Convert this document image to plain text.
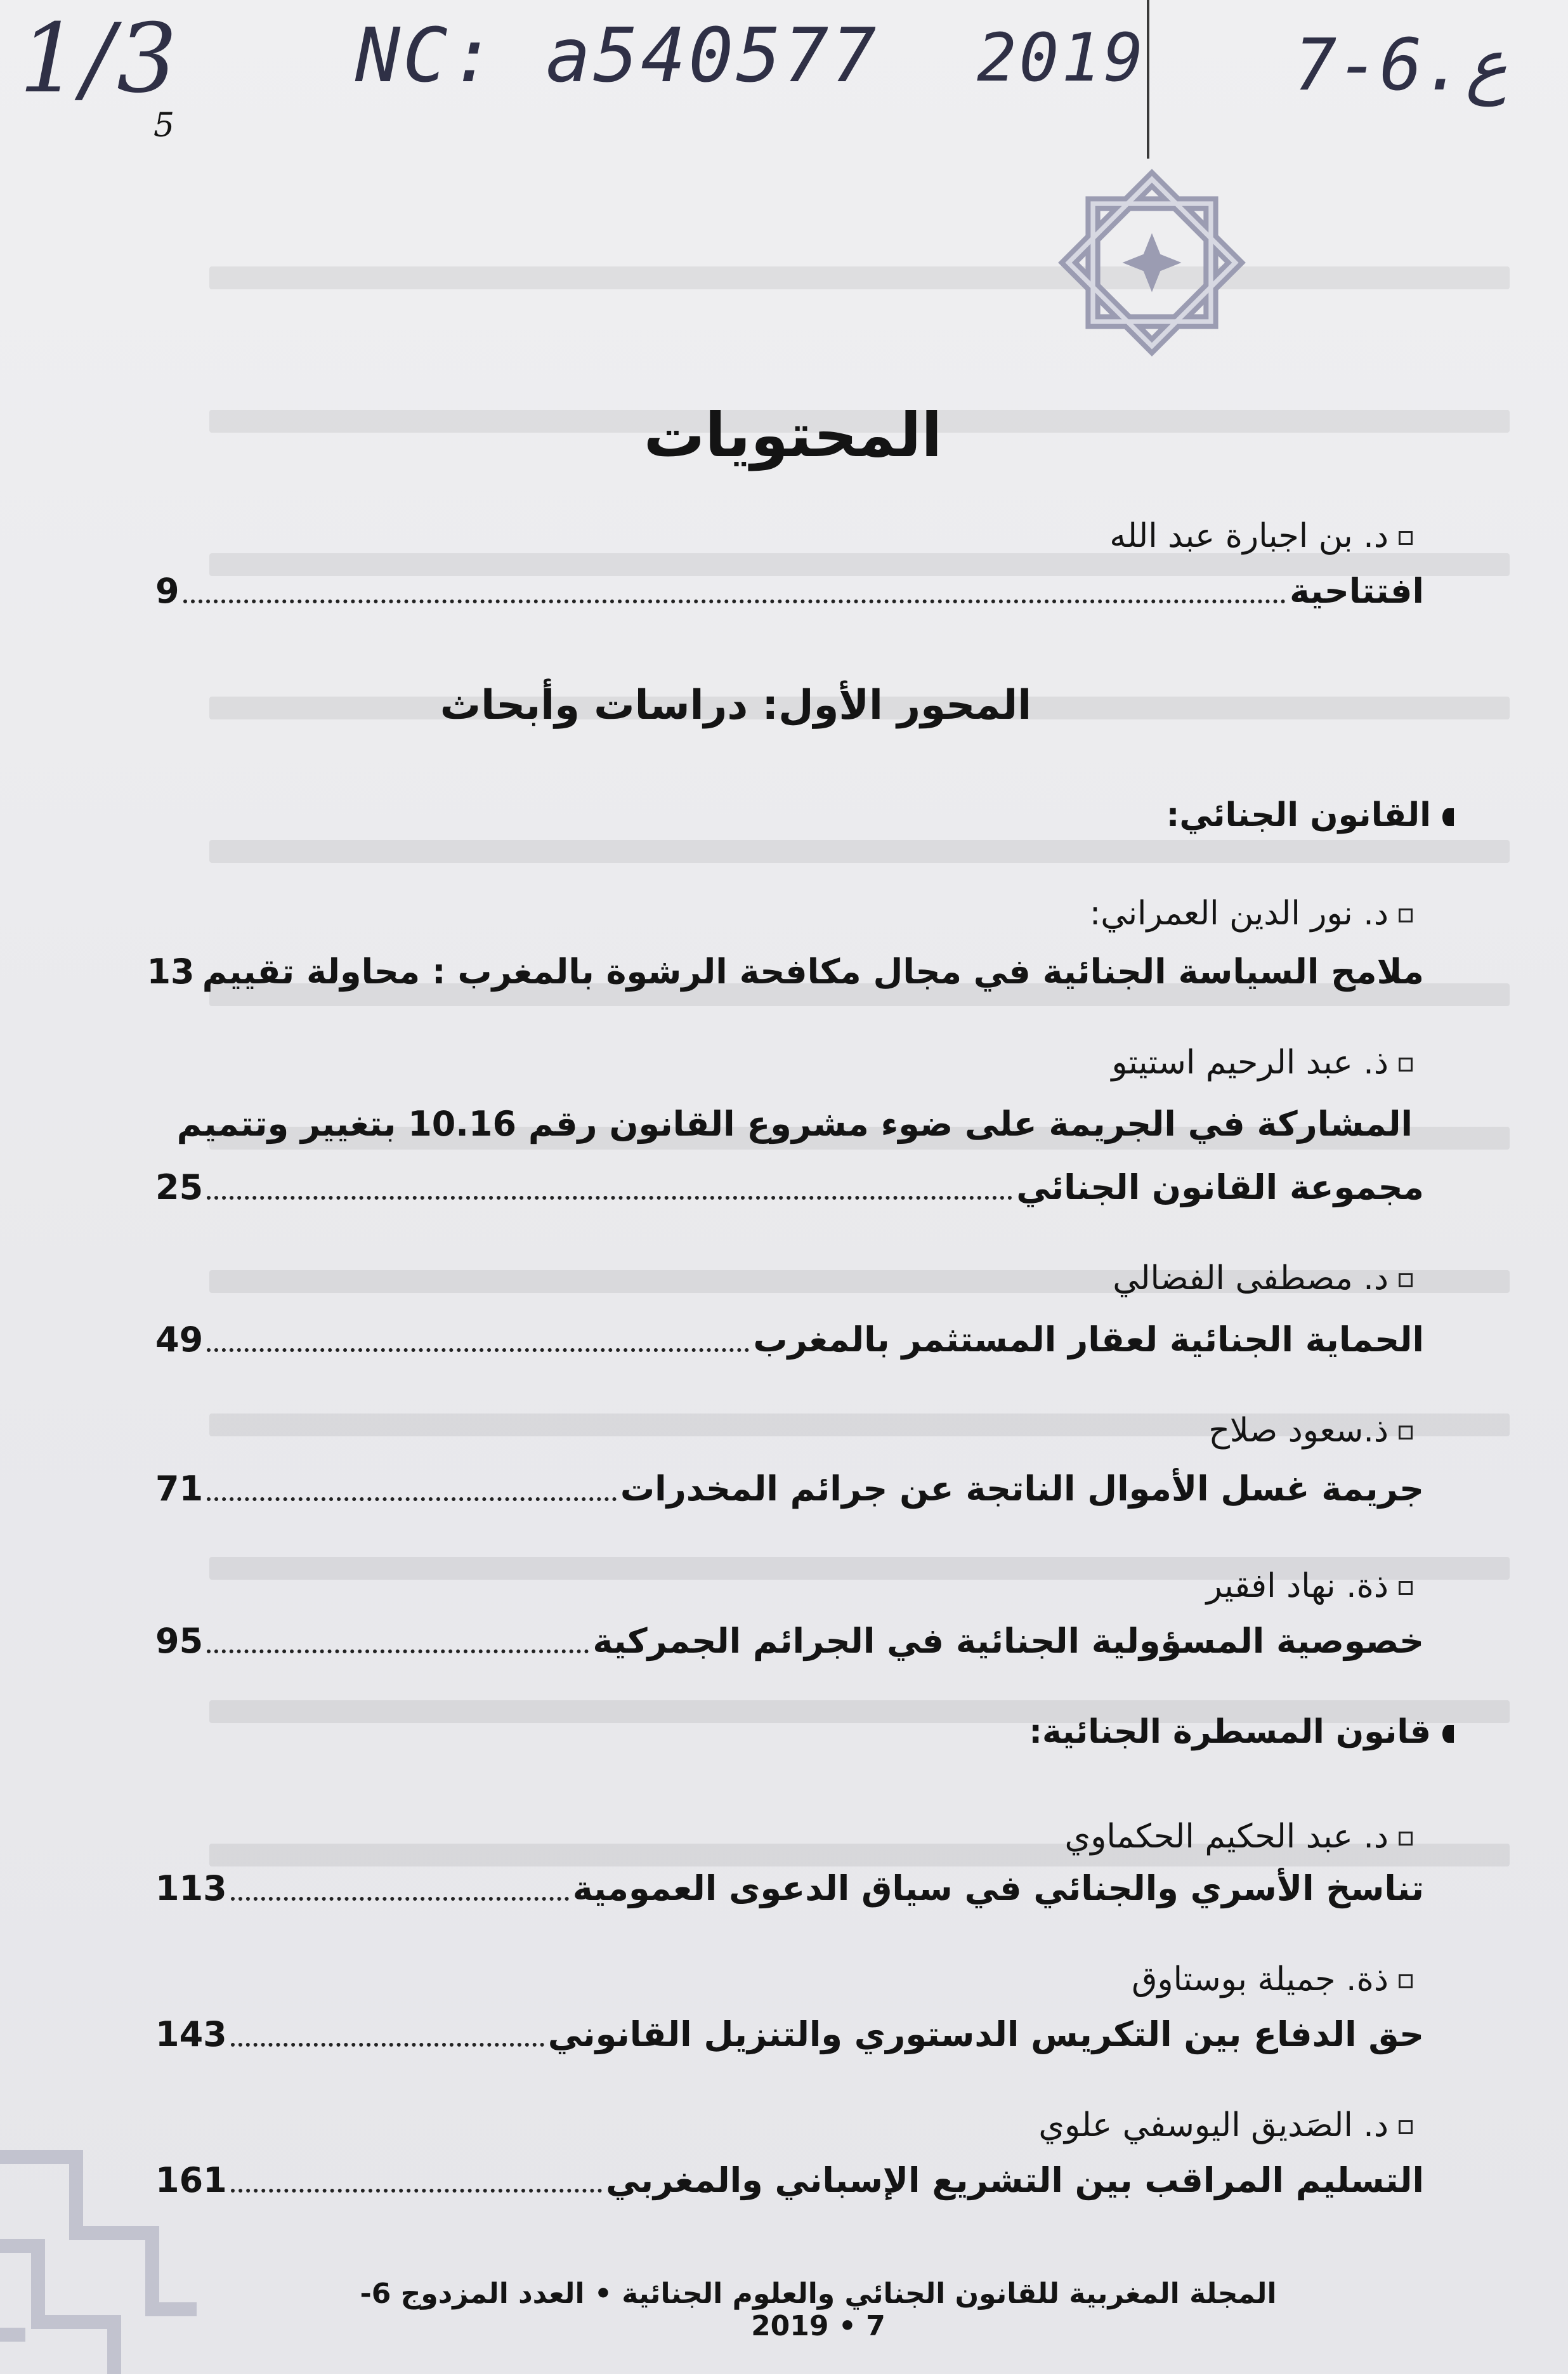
1/3 NC: a540577 2019 7-6.ع
5
المحتويات
د. بن اجبارة عبد الله
افتتاحية
9
المحور الأول: دراسات وأبحاث
القانون الجنائي:
د. نور الدين العمراني:
ملامح السياسة الجنائية في مجال مكافحة الرشوة بالمغرب : محاولة تقييم
13
ذ. عبد الرحيم استيتو
المشاركة في الجريمة على ضوء مشروع القانون رقم 10.16 بتغيير وتتميم
مجموعة القانون الجنائي
25
د. مصطفى الفضالي
الحماية الجنائية لعقار المستثمر بالمغرب
49
ذ.سعود صلاح
جريمة غسل الأموال الناتجة عن جرائم المخدرات
71
ذة. نهاد افقير
خصوصية المسؤولية الجنائية في الجرائم الجمركية
95
قانون المسطرة الجنائية:
د. عبد الحكيم الحكماوي
تناسخ الأسري والجنائي في سياق الدعوى العمومية
113
ذة. جميلة بوستاوق
حق الدفاع بين التكريس الدستوري والتنزيل القانوني
143
د. الصَديق اليوسفي علوي
التسليم المراقب بين التشريع الإسباني والمغربي
161
المجلة المغربية للقانون الجنائي والعلوم الجنائية • العدد المزدوج 6-7 • 2019
